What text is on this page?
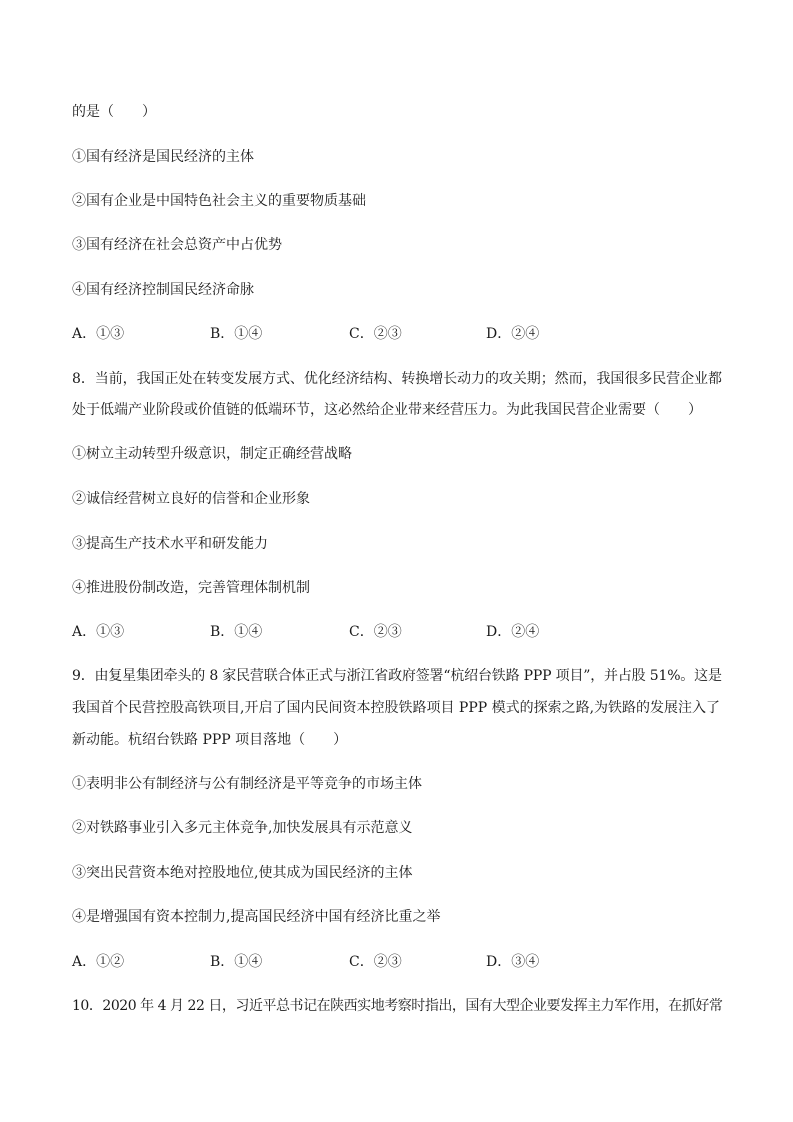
的是（　　）
①国有经济是国民经济的主体
②国有企业是中国特色社会主义的重要物质基础
③国有经济在社会总资产中占优势
④国有经济控制国民经济命脉
A．①③	B．①④	C．②③	D．②④
8．当前，我国正处在转变发展方式、优化经济结构、转换增长动力的攻关期；然而，我国很多民营企业都
处于低端产业阶段或价值链的低端环节，这必然给企业带来经营压力。为此我国民营企业需要（　　）
①树立主动转型升级意识，制定正确经营战略
②诚信经营树立良好的信誉和企业形象
③提高生产技术水平和研发能力
④推进股份制改造，完善管理体制机制
A．①③	B．①④	C．②③	D．②④
9．由复星集团牵头的 8 家民营联合体正式与浙江省政府签署“杭绍台铁路 PPP 项目”，并占股 51%。这是
我国首个民营控股高铁项目,开启了国内民间资本控股铁路项目 PPP 模式的探索之路,为铁路的发展注入了
新动能。杭绍台铁路 PPP 项目落地（　　）
①表明非公有制经济与公有制经济是平等竞争的市场主体
②对铁路事业引入多元主体竞争,加快发展具有示范意义
③突出民营资本绝对控股地位,使其成为国民经济的主体
④是增强国有资本控制力,提高国民经济中国有经济比重之举
A．①②	B．①④	C．②③	D．③④
10．2020 年 4 月 22 日，习近平总书记在陕西实地考察时指出，国有大型企业要发挥主力军作用，在抓好常
